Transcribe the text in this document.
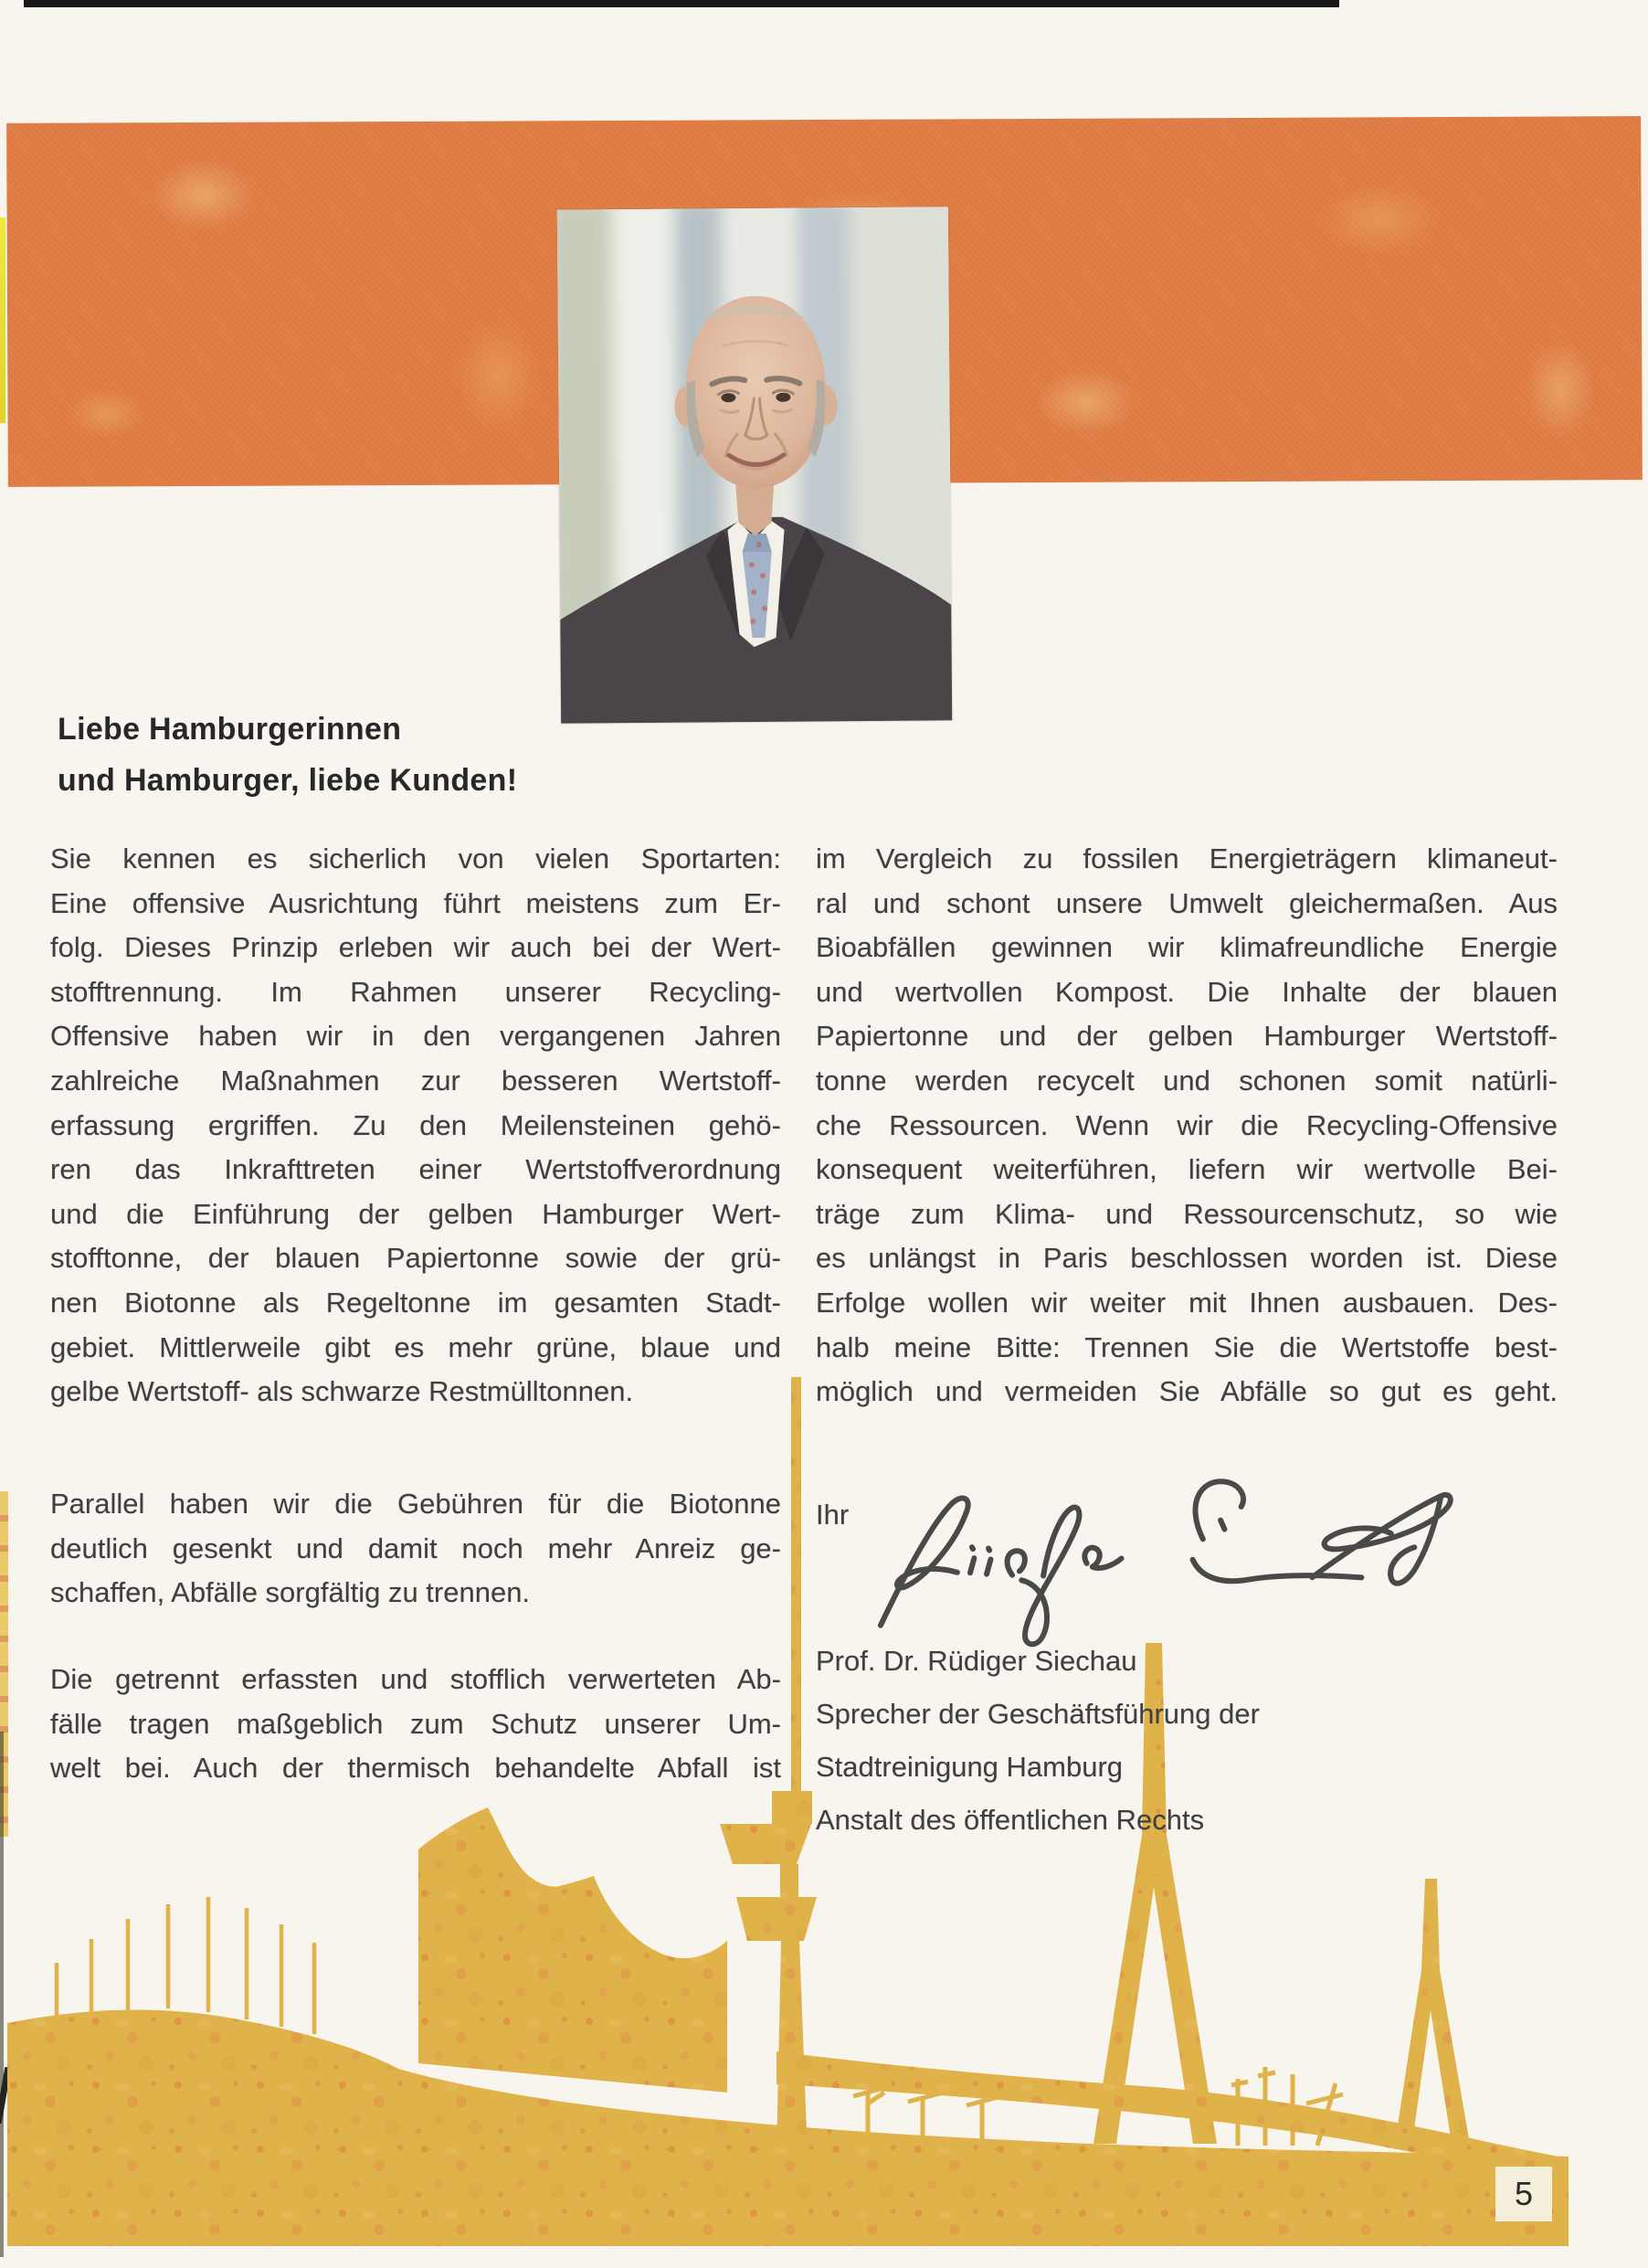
Liebe Hamburgerinnen
und Hamburger, liebe Kunden!
Sie kennen es sicherlich von vielen Sportarten:
Eine offensive Ausrichtung führt meistens zum Er-
folg. Dieses Prinzip erleben wir auch bei der Wert-
stofftrennung. Im Rahmen unserer Recycling-
Offensive haben wir in den vergangenen Jahren
zahlreiche Maßnahmen zur besseren Wertstoff-
erfassung ergriffen. Zu den Meilensteinen gehö-
ren das Inkrafttreten einer Wertstoffverordnung
und die Einführung der gelben Hamburger Wert-
stofftonne, der blauen Papiertonne sowie der grü-
nen Biotonne als Regeltonne im gesamten Stadt-
gebiet. Mittlerweile gibt es mehr grüne, blaue und
gelbe Wertstoff- als schwarze Restmülltonnen.
Parallel haben wir die Gebühren für die Biotonne
deutlich gesenkt und damit noch mehr Anreiz ge-
schaffen, Abfälle sorgfältig zu trennen.
Die getrennt erfassten und stofflich verwerteten Ab-
fälle tragen maßgeblich zum Schutz unserer Um-
welt bei. Auch der thermisch behandelte Abfall ist
im Vergleich zu fossilen Energieträgern klimaneut-
ral und schont unsere Umwelt gleichermaßen. Aus
Bioabfällen gewinnen wir klimafreundliche Energie
und wertvollen Kompost. Die Inhalte der blauen
Papiertonne und der gelben Hamburger Wertstoff-
tonne werden recycelt und schonen somit natürli-
che Ressourcen. Wenn wir die Recycling-Offensive
konsequent weiterführen, liefern wir wertvolle Bei-
träge zum Klima- und Ressourcenschutz, so wie
es unlängst in Paris beschlossen worden ist. Diese
Erfolge wollen wir weiter mit Ihnen ausbauen. Des-
halb meine Bitte: Trennen Sie die Wertstoffe best-
möglich und vermeiden Sie Abfälle so gut es geht.
Ihr
Prof. Dr. Rüdiger Siechau
Sprecher der Geschäftsführung der
Stadtreinigung Hamburg
Anstalt des öffentlichen Rechts
5
